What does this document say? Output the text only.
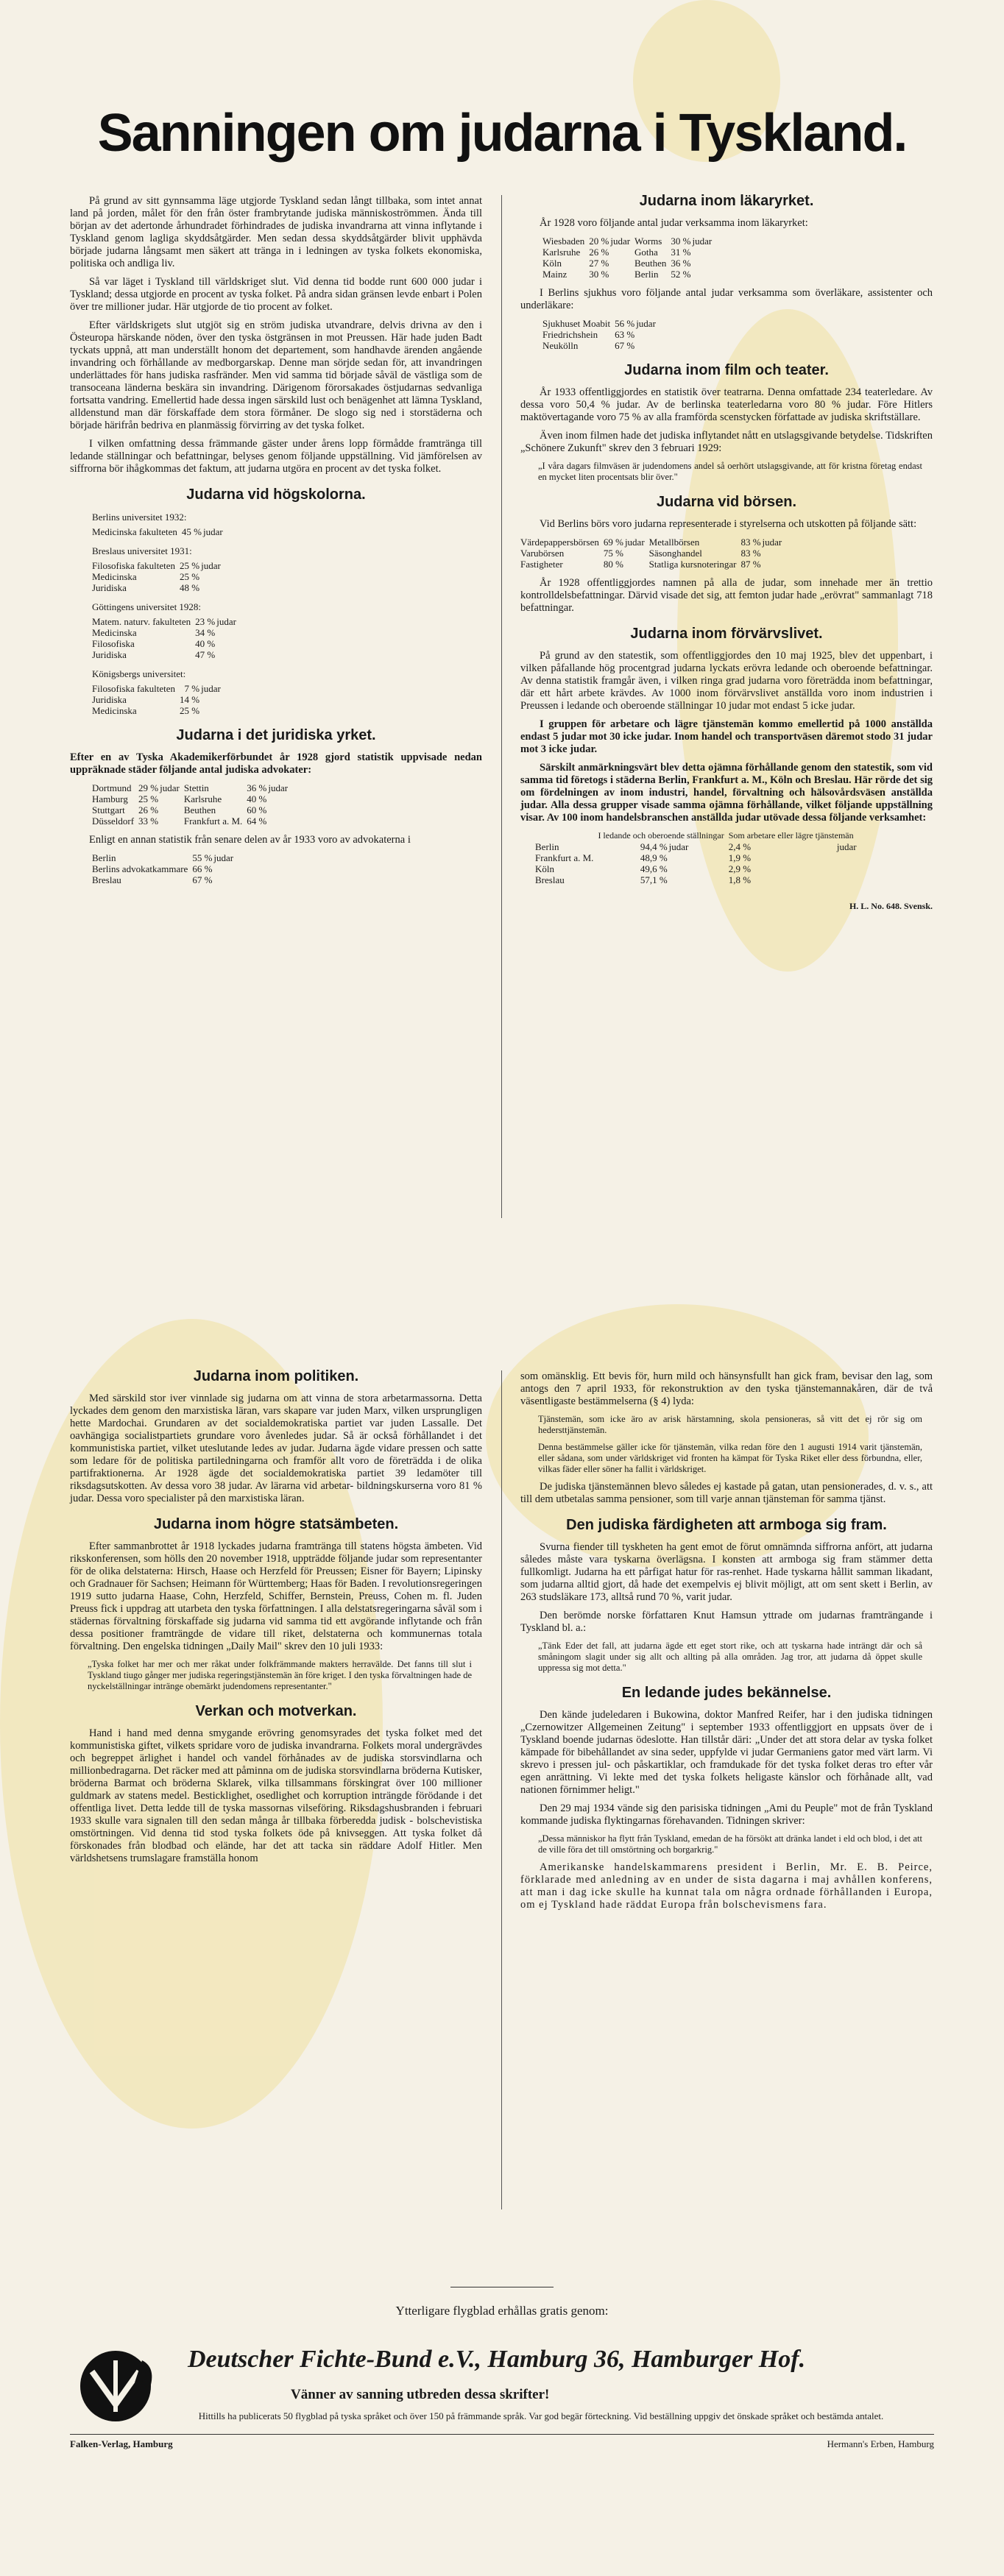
Sanningen om judarna i Tyskland.

På grund av sitt gynnsamma läge utgjorde Tyskland sedan långt tillbaka, som intet annat land på jorden, målet för den från öster frambrytande judiska människoströmmen. Ända till början av det adertonde århundradet förhindrades de judiska invandrarna att vinna inflytande i Tyskland genom lagliga skyddsåtgärder. Men sedan dessa skyddsåtgärder blivit upphävda började judarna långsamt men säkert att tränga in i ledningen av tyska folkets ekonomiska, politiska och andliga liv.

Så var läget i Tyskland till världskriget slut. Vid denna tid bodde runt 600 000 judar i Tyskland; dessa utgjorde en procent av tyska folket. På andra sidan gränsen levde enbart i Polen över tre millioner judar. Här utgjorde de tio procent av folket.

Efter världskrigets slut utgjöt sig en ström judiska utvandrare, delvis drivna av den i Östeuropa härskande nöden, över den tyska östgränsen in mot Preussen. Här hade juden Badt tyckats uppnå, att man underställt honom det departement, som handhavde ärenden angående invandring och förhållande av medborgarskap. Denne man sörjde sedan för, att invandringen underlättades för hans judiska rasfränder. Men vid samma tid började såväl de västliga som de transoceana länderna beskära sin invandring. Därigenom förorsakades östjudarnas sedvanliga fortsatta vandring. Emellertid hade dessa ingen särskild lust och benägenhet att lämna Tyskland, alldenstund man där förskaffade dem stora förmåner. De slogo sig ned i storstäderna och började härifrån bedriva en planmässig förvirring av det tyska folket.

I vilken omfattning dessa främmande gäster under årens lopp förmådde framtränga till ledande ställningar och befattningar, belyses genom följande uppställning. Vid jämförelsen av siffrorna bör ihågkommas det faktum, att judarna utgöra en procent av det tyska folket.

Judarna vid högskolorna.
Berlins universitet 1932:
Medicinska fakulteten	45 %	judar
Breslaus universitet 1931:
Filosofiska fakulteten	25 %	judar
Medicinska	25 %	
Juridiska	48 %	
Göttingens universitet 1928:
Matem. naturv. fakulteten	23 %	judar
Medicinska	34 %	
Filosofiska	40 %	
Juridiska	47 %	
Königsbergs universitet:
Filosofiska fakulteten	7 %	judar
Juridiska	14 %	
Medicinska	25 %	
Judarna i det juridiska yrket.

Efter en av Tyska Akademikerförbundet år 1928 gjord statistik uppvisade nedan uppräknade städer följande antal judiska advokater:

Dortmund	29 %	judar	Stettin	36 %	judar
Hamburg	25 %		Karlsruhe	40 %	
Stuttgart	26 %		Beuthen	60 %	
Düsseldorf	33 %		Frankfurt a. M.	64 %	

Enligt en annan statistik från senare delen av år 1933 voro av advokaterna i

Berlin	55 %	judar
Berlins advokatkammare	66 %	
Breslau	67 %	
Judarna inom läkaryrket.

År 1928 voro följande antal judar verksamma inom läkaryrket:

Wiesbaden	20 %	judar	Worms	30 %	judar
Karlsruhe	26 %		Gotha	31 %	
Köln	27 %		Beuthen	36 %	
Mainz	30 %		Berlin	52 %	

I Berlins sjukhus voro följande antal judar verksamma som överläkare, assistenter och underläkare:

Sjukhuset Moabit	56 %	judar
Friedrichshein	63 %	
Neukölln	67 %	
Judarna inom film och teater.

År 1933 offentliggjordes en statistik över teatrarna. Denna omfattade 234 teaterledare. Av dessa voro 50,4 % judar. Av de berlinska teaterledarna voro 80 % judar. Före Hitlers maktövertagande voro 75 % av alla framförda scenstycken författade av judiska skriftställare.

Även inom filmen hade det judiska inflytandet nått en utslagsgivande betydelse. Tidskriften „Schönere Zukunft" skrev den 3 februari 1929:

„I våra dagars filmväsen är judendomens andel så oerhört utslagsgivande, att för kristna företag endast en mycket liten procentsats blir över."

Judarna vid börsen.

Vid Berlins börs voro judarna representerade i styrelserna och utskotten på följande sätt:

Värdepappersbörsen	69 %	judar	Metallbörsen	83 %	judar
Varubörsen	75 %		Säsonghandel	83 %	
Fastigheter	80 %		Statliga kursnoteringar	87 %	

År 1928 offentliggjordes namnen på alla de judar, som innehade mer än trettio kontrolldelsbefattningar. Därvid visade det sig, att femton judar hade „erövrat" sammanlagt 718 befattningar.

Judarna inom förvärvslivet.

På grund av den statestik, som offentliggjordes den 10 maj 1925, blev det uppenbart, i vilken påfallande hög procentgrad judarna lyckats erövra ledande och oberoende befattningar. Av denna statistik framgår även, i vilken ringa grad judarna voro företrädda inom befattningar, där ett hårt arbete krävdes. Av 1000 inom förvärvslivet anställda voro inom industrien i Preussen i ledande och oberoende ställningar 10 judar mot endast 5 icke judar.

I gruppen för arbetare och lägre tjänstemän kommo emellertid på 1000 anställda endast 5 judar mot 30 icke judar. Inom handel och transportväsen däremot stodo 31 judar mot 3 icke judar.

Särskilt anmärkningsvärt blev detta ojämna förhållande genom den statestik, som vid samma tid företogs i städerna Berlin, Frankfurt a. M., Köln och Breslau. Här rörde det sig om fördelningen av inom industri, handel, förvaltning och hälsovårdsväsen anställda judar. Alla dessa grupper visade samma ojämna förhållande, vilket följande uppställning visar. Av 100 inom handelsbranschen anställda judar utövade dessa följande verksamhet:

	I ledande och oberoende ställningar		Som arbetare eller lägre tjänstemän	
Berlin	94,4 %	judar	2,4 %	judar
Frankfurt a. M.	48,9 %		1,9 %	
Köln	49,6 %		2,9 %	
Breslau	57,1 %		1,8 %	
H. L. No. 648. Svensk.
Judarna inom politiken.

Med särskild stor iver vinnlade sig judarna om att vinna de stora arbetarmassorna. Detta lyckades dem genom den marxistiska läran, vars skapare var juden Marx, vilken ursprungligen hette Mardochai. Grundaren av det socialdemokratiska partiet var juden Lassalle. Det oavhängiga socialistpartiets grundare voro åvenledes judar. Så är också förhållandet i det kommunistiska partiet, vilket uteslutande ledes av judar. Judarna ägde vidare pressen och satte som ledare för de politiska partiledningarna och framför allt voro de företrädda i de olika partifraktionerna. Ar 1928 ägde det socialdemokratiska partiet 39 ledamöter till riksdagsutskotten. Av dessa voro 38 judar. Av lärarna vid arbetar- bildningskurserna voro 81 % judar. Dessa voro specialister på den marxistiska läran.

Judarna inom högre statsämbeten.

Efter sammanbrottet år 1918 lyckades judarna framtränga till statens högsta ämbeten. Vid rikskonferensen, som hölls den 20 november 1918, uppträdde följande judar som representanter för de olika delstaterna: Hirsch, Haase och Herzfeld för Preussen; Eisner för Bayern; Lipinsky och Gradnauer för Sachsen; Heimann för Württemberg; Haas för Baden. I revolutionsregeringen 1919 sutto judarna Haase, Cohn, Herzfeld, Schiffer, Bernstein, Preuss, Cohen m. fl. Juden Preuss fick i uppdrag att utarbeta den tyska författningen. I alla delstatsregeringarna såväl som i städernas förvaltning förskaffade sig judarna vid samma tid ett avgörande inflytande och från dessa positioner framträngde de vidare till riket, delstaterna och kommunernas totala förvaltning. Den engelska tidningen „Daily Mail" skrev den 10 juli 1933:

„Tyska folket har mer och mer råkat under folkfrämmande makters herravälde. Det fanns till slut i Tyskland tiugo gånger mer judiska regeringstjänstemän än före kriget. I den tyska förvaltningen hade de nyckelställningar intränge obemärkt judendomens representanter."

Verkan och motverkan.

Hand i hand med denna smygande erövring genomsyrades det tyska folket med det kommunistiska giftet, vilkets spridare voro de judiska invandrarna. Folkets moral undergrävdes och begreppet ärlighet i handel och vandel förhånades av de judiska storsvindlarna och millionbedragarna. Det räcker med att påminna om de judiska storsvindlarna bröderna Kutisker, bröderna Barmat och bröderna Sklarek, vilka tillsammans förskingrat över 100 millioner guldmark av statens medel. Besticklighet, osedlighet och korruption inträngde förödande i det offentliga livet. Detta ledde till de tyska massornas vilseföring. Riksdagshusbranden i februari 1933 skulle vara signalen till den sedan många år tillbaka förberedda judisk - bolschevistiska omstörtningen. Vid denna tid stod tyska folkets öde på knivseggen. Att tyska folket då förskonades från blodbad och elände, har det att tacka sin räddare Adolf Hitler. Men världshetsens trumslagare framställa honom

som omänsklig. Ett bevis för, hurn mild och hänsynsfullt han gick fram, bevisar den lag, som antogs den 7 april 1933, för rekonstruktion av den tyska tjänstemannakåren, där de två väsentligaste bestämmelserna (§ 4) lyda:

Tjänstemän, som icke äro av arisk härstamning, skola pensioneras, så vitt det ej rör sig om hedersttjänstemän.

Denna bestämmelse gäller icke för tjänstemän, vilka redan före den 1 augusti 1914 varit tjänstemän, eller sådana, som under världskriget vid fronten ha kämpat för Tyska Riket eller dess förbundna, eller, vilkas fäder eller söner ha fallit i världskriget.

De judiska tjänstemännen blevo således ej kastade på gatan, utan pensionerades, d. v. s., att till dem utbetalas samma pensioner, som till varje annan tjänsteman för samma tjänst.

Den judiska färdigheten att armboga sig fram.

Svurna fiender till tyskheten ha gent emot de förut omnämnda siffrorna anfört, att judarna således måste vara tyskarna överlägsna. I konsten att armboga sig fram stämmer detta fullkomligt. Judarna ha ett pårfigat hatur för ras-renhet. Hade tyskarna hållit samman likadant, som judarna alltid gjort, då hade det exempelvis ej blivit möjligt, att om sent skett i Berlin, av 263 studsläkare 173, alltså rund 70 %, varit judar.

Den berömde norske författaren Knut Hamsun yttrade om judarnas framträngande i Tyskland bl. a.:

„Tänk Eder det fall, att judarna ägde ett eget stort rike, och att tyskarna hade inträngt där och så småningom slagit under sig allt och allting på alla områden. Jag tror, att judarna då öppet skulle uppressa sig mot detta."

En ledande judes bekännelse.

Den kände judeledaren i Bukowina, doktor Manfred Reifer, har i den judiska tidningen „Czernowitzer Allgemeinen Zeitung" i september 1933 offentliggjort en uppsats över de i Tyskland boende judarnas ödeslotte. Han tillstår däri: „Under det att stora delar av tyska folket kämpade för bibehållandet av sina seder, uppfylde vi judar Germaniens gator med värt larm. Vi skrevo i pressen jul- och påskartiklar, och framdukade för det tyska folket deras tro efter vår egen anrättning. Vi lekte med det tyska folkets heligaste känslor och förhånade allt, vad nationen förnimmer heligt."

Den 29 maj 1934 vände sig den parisiska tidningen „Ami du Peuple" mot de från Tyskland kommande judiska flyktingarnas förehavanden. Tidningen skriver:

„Dessa människor ha flytt från Tyskland, emedan de ha försökt att dränka landet i eld och blod, i det att de ville föra det till omstörtning och borgarkrig."

Amerikanske handelskammarens president i Berlin, Mr. E. B. Peirce, förklarade med anledning av en under de sista dagarna i maj avhållen konferens, att man i dag icke skulle ha kunnat tala om några ordnade förhållanden i Europa, om ej Tyskland hade räddat Europa från bolschevismens fara.

Ytterligare flygblad erhållas gratis genom:
Deutscher Fichte-Bund e.V., Hamburg 36, Hamburger Hof.
Vänner av sanning utbreden dessa skrifter!
Hittills ha publicerats 50 flygblad på tyska språket och över 150 på främmande språk. Var god begär förteckning. Vid beställning uppgiv det önskade språket och bestämda antalet.
Falken-Verlag, Hamburg	Hermann's Erben, Hamburg
